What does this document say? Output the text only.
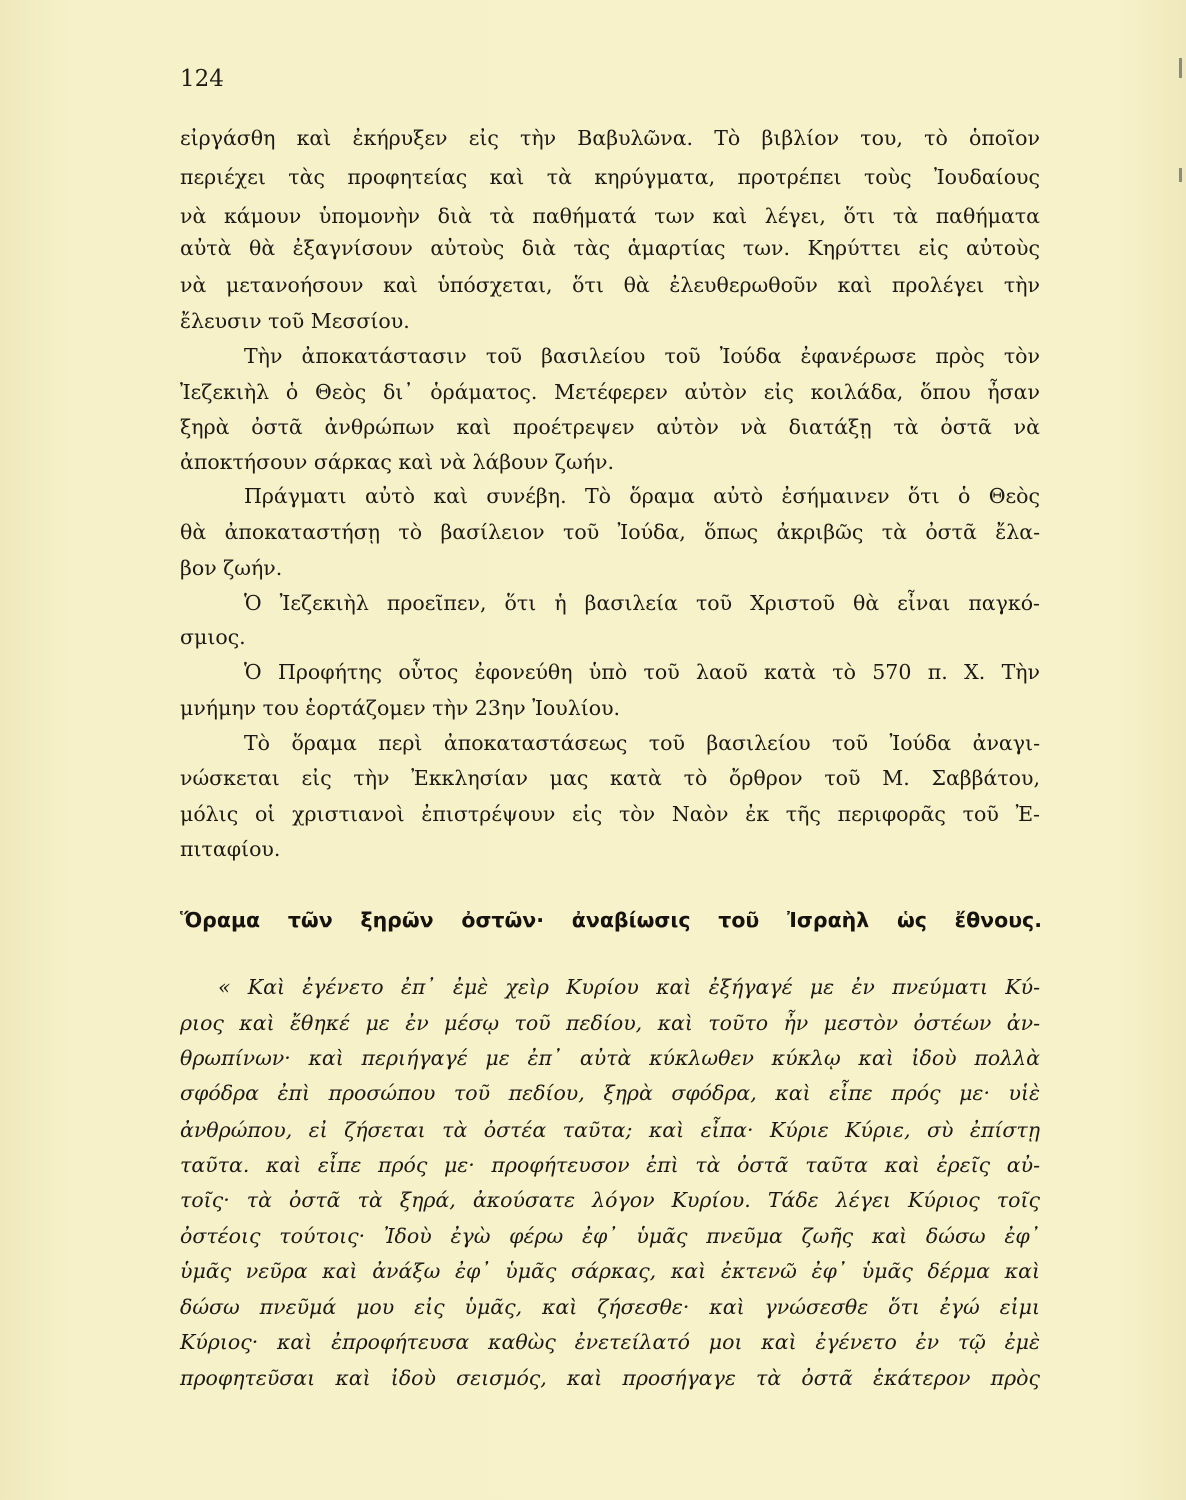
124
εἰργάσθη καὶ ἐκήρυξεν εἰς τὴν Βαβυλῶνα. Τὸ βιβλίον του, τὸ ὁποῖον
περιέχει τὰς προφητείας καὶ τὰ κηρύγματα, προτρέπει τοὺς Ἰουδαίους
νὰ κάμουν ὑπομονὴν διὰ τὰ παθήματά των καὶ λέγει, ὅτι τὰ παθήματα
αὐτὰ θὰ ἐξαγνίσουν αὐτοὺς διὰ τὰς ἁμαρτίας των. Κηρύττει εἰς αὐτοὺς
νὰ μετανοήσουν καὶ ὑπόσχεται, ὅτι θὰ ἐλευθερωθοῦν καὶ προλέγει τὴν
ἔλευσιν τοῦ Μεσσίου.
Τὴν ἀποκατάστασιν τοῦ βασιλείου τοῦ Ἰούδα ἐφανέρωσε πρὸς τὸν
Ἰεζεκιὴλ ὁ Θεὸς δι᾿ ὁράματος. Μετέφερεν αὐτὸν εἰς κοιλάδα, ὅπου ἦσαν
ξηρὰ ὀστᾶ ἀνθρώπων καὶ προέτρεψεν αὐτὸν νὰ διατάξῃ τὰ ὀστᾶ νὰ
ἀποκτήσουν σάρκας καὶ νὰ λάβουν ζωήν.
Πράγματι αὐτὸ καὶ συνέβη. Τὸ ὅραμα αὐτὸ ἐσήμαινεν ὅτι ὁ Θεὸς
θὰ ἀποκαταστήσῃ τὸ βασίλειον τοῦ Ἰούδα, ὅπως ἀκριβῶς τὰ ὀστᾶ ἔλα-
βον ζωήν.
Ὁ Ἰεζεκιὴλ προεῖπεν, ὅτι ἡ βασιλεία τοῦ Χριστοῦ θὰ εἶναι παγκό-
σμιος.
Ὁ Προφήτης οὗτος ἐφονεύθη ὑπὸ τοῦ λαοῦ κατὰ τὸ 570 π. Χ. Τὴν
μνήμην του ἑορτάζομεν τὴν 23ην Ἰουλίου.
Τὸ ὅραμα περὶ ἀποκαταστάσεως τοῦ βασιλείου τοῦ Ἰούδα ἀναγι-
νώσκεται εἰς τὴν Ἐκκλησίαν μας κατὰ τὸ ὄρθρον τοῦ Μ. Σαββάτου,
μόλις οἱ χριστιανοὶ ἐπιστρέψουν εἰς τὸν Ναὸν ἐκ τῆς περιφορᾶς τοῦ Ἐ-
πιταφίου.
Ὅραμα τῶν ξηρῶν ὀστῶν· ἀναβίωσις τοῦ Ἰσραὴλ ὡς ἔθνους.
« Καὶ ἐγένετο ἐπ᾿ ἐμὲ χεὶρ Κυρίου καὶ ἐξήγαγέ με ἐν πνεύματι Κύ-
ριος καὶ ἔθηκέ με ἐν μέσῳ τοῦ πεδίου, καὶ τοῦτο ἦν μεστὸν ὀστέων ἀν-
θρωπίνων· καὶ περιήγαγέ με ἐπ᾿ αὐτὰ κύκλωθεν κύκλῳ καὶ ἰδοὺ πολλὰ
σφόδρα ἐπὶ προσώπου τοῦ πεδίου, ξηρὰ σφόδρα, καὶ εἶπε πρός με· υἱὲ
ἀνθρώπου, εἰ ζήσεται τὰ ὀστέα ταῦτα; καὶ εἶπα· Κύριε Κύριε, σὺ ἐπίστῃ
ταῦτα. καὶ εἶπε πρός με· προφήτευσον ἐπὶ τὰ ὀστᾶ ταῦτα καὶ ἐρεῖς αὐ-
τοῖς· τὰ ὀστᾶ τὰ ξηρά, ἀκούσατε λόγον Κυρίου. Τάδε λέγει Κύριος τοῖς
ὀστέοις τούτοις· Ἰδοὺ ἐγὼ φέρω ἐφ᾿ ὑμᾶς πνεῦμα ζωῆς καὶ δώσω ἐφ᾿
ὑμᾶς νεῦρα καὶ ἀνάξω ἐφ᾿ ὑμᾶς σάρκας, καὶ ἐκτενῶ ἐφ᾿ ὑμᾶς δέρμα καὶ
δώσω πνεῦμά μου εἰς ὑμᾶς, καὶ ζήσεσθε· καὶ γνώσεσθε ὅτι ἐγώ εἰμι
Κύριος· καὶ ἐπροφήτευσα καθὼς ἐνετείλατό μοι καὶ ἐγένετο ἐν τῷ ἐμὲ
προφητεῦσαι καὶ ἰδοὺ σεισμός, καὶ προσήγαγε τὰ ὀστᾶ ἑκάτερον πρὸς
